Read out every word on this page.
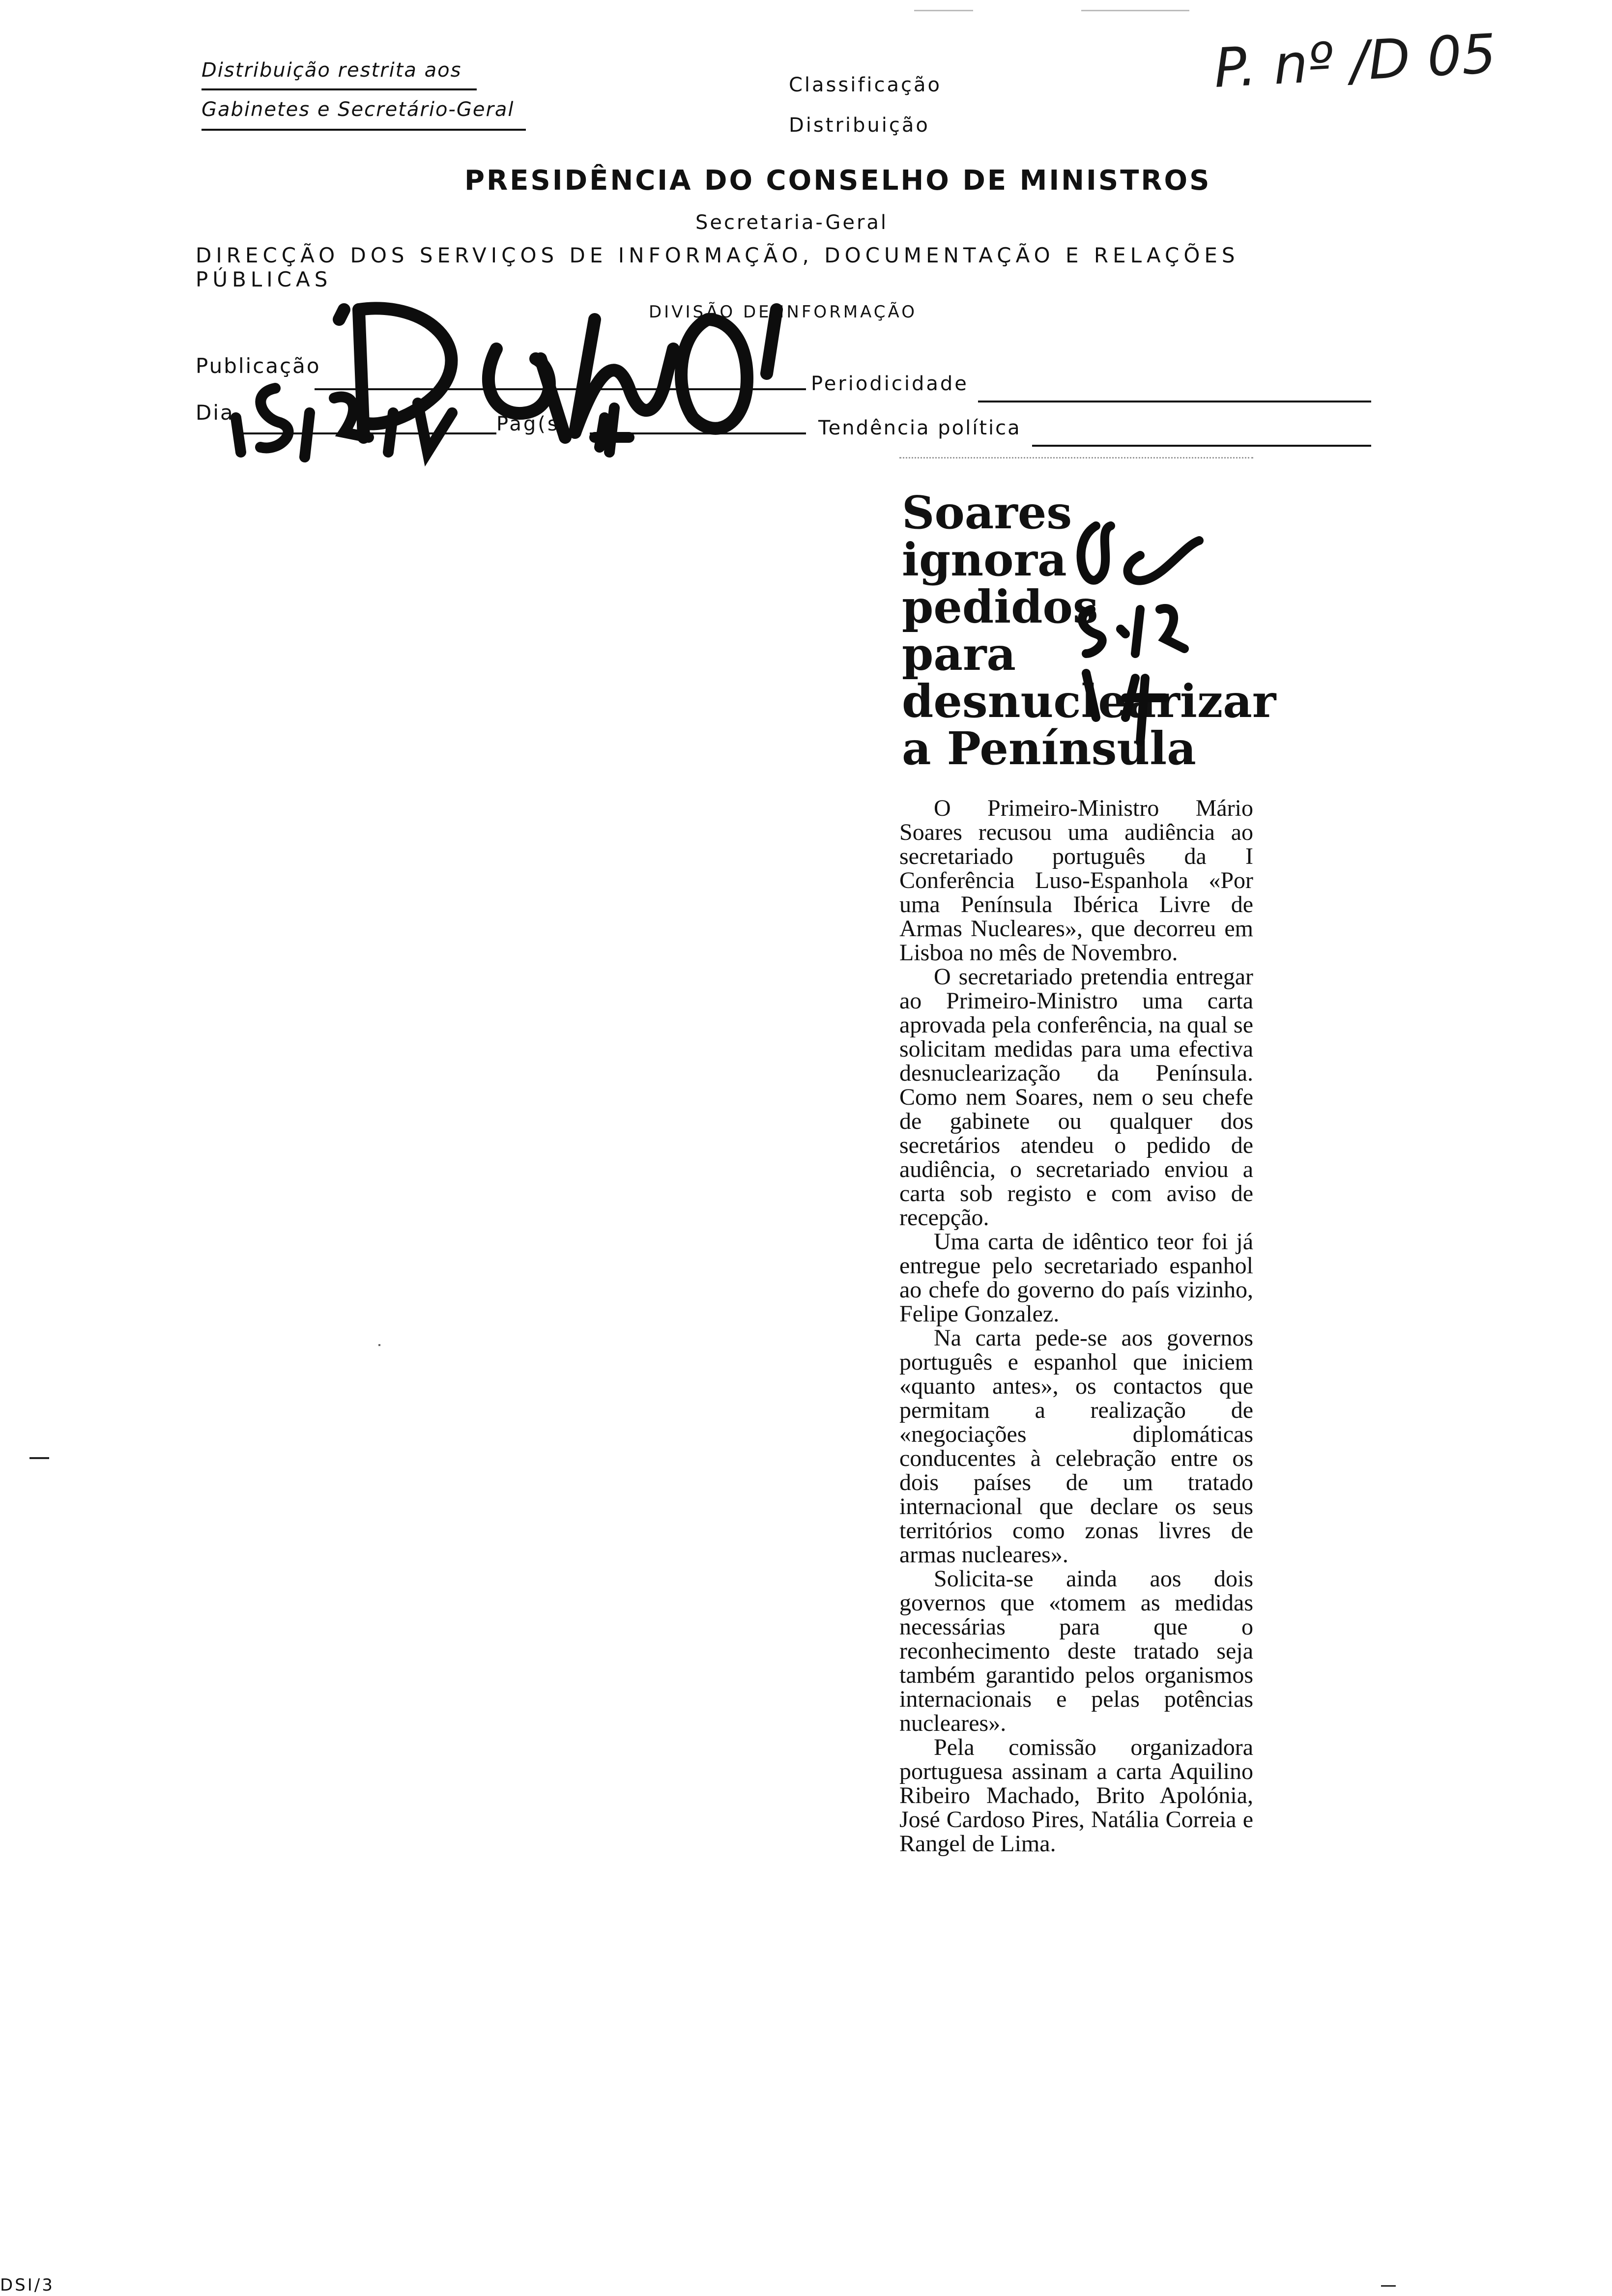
Distribuição restrita aos
Gabinetes e Secretário-Geral
Classificação
Distribuição
P. nº /D 05
PRESIDÊNCIA DO CONSELHO DE MINISTROS
Secretaria-Geral
DIRECÇÃO DOS SERVIÇOS DE INFORMAÇÃO, DOCUMENTAÇÃO E RELAÇÕES PÚBLICAS
DIVISÃO DE INFORMAÇÃO
Publicação
Dia	Pág(s).
Periodicidade
Tendência política
Soares
ignora
pedidos
para
desnuclearizar
a Península

O Primeiro-Ministro Mário Soares recusou uma audiência ao secretariado português da I Conferência Luso-Espanhola «Por uma Península Ibérica Livre de Armas Nucleares», que decorreu em Lisboa no mês de Novembro.

O secretariado pretendia entregar ao Primeiro-Ministro uma carta aprovada pela conferência, na qual se solicitam medidas para uma efectiva desnuclearização da Península. Como nem Soares, nem o seu chefe de gabinete ou qualquer dos secretários atendeu o pedido de audiência, o secretariado enviou a carta sob registo e com aviso de recepção.

Uma carta de idêntico teor foi já entregue pelo secretariado espanhol ao chefe do governo do país vizinho, Felipe Gonzalez.

Na carta pede-se aos governos português e espanhol que iniciem «quanto antes», os contactos que permitam a realização de «negociações diplomáticas conducentes à celebração entre os dois países de um tratado internacional que declare os seus territórios como zonas livres de armas nucleares».

Solicita-se ainda aos dois governos que «tomem as medidas necessárias para que o reconhecimento deste tratado seja também garantido pelos organismos internacionais e pelas potências nucleares».

Pela comissão organizadora portuguesa assinam a carta Aquilino Ribeiro Machado, Brito Apolónia, José Cardoso Pires, Natália Correia e Rangel de Lima.

DSI/3
